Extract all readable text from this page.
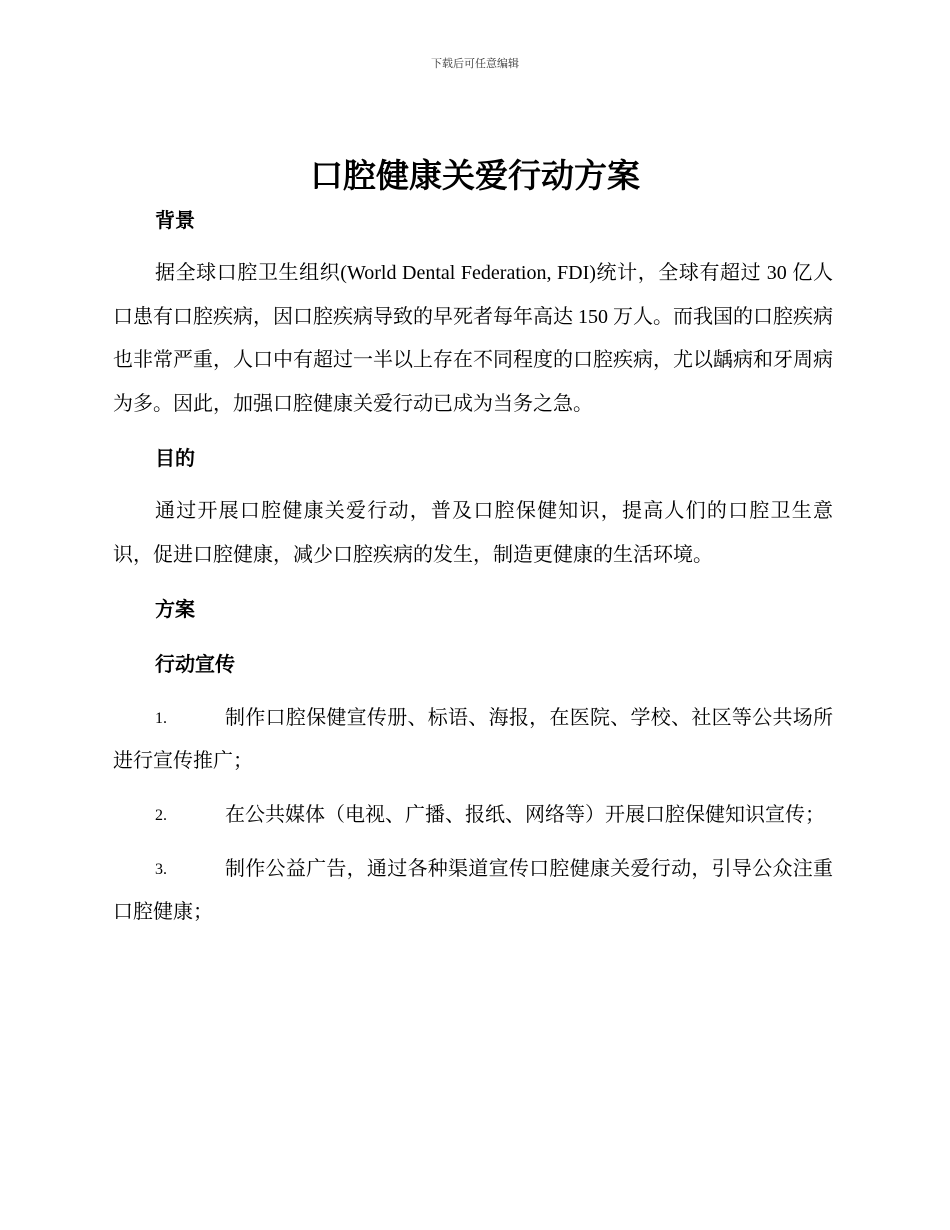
下载后可任意编辑
口腔健康关爱行动方案

背景

据全球口腔卫生组织(World Dental Federation, FDI)统计，全球有超过 30 亿人口患有口腔疾病，因口腔疾病导致的早死者每年高达 150 万人。而我国的口腔疾病也非常严重，人口中有超过一半以上存在不同程度的口腔疾病，尤以龋病和牙周病为多。因此，加强口腔健康关爱行动已成为当务之急。

目的

通过开展口腔健康关爱行动，普及口腔保健知识，提高人们的口腔卫生意识，促进口腔健康，减少口腔疾病的发生，制造更健康的生活环境。

方案

行动宣传

1.	制作口腔保健宣传册、标语、海报，在医院、学校、社区等公共场所进行宣传推广；
2.	在公共媒体（电视、广播、报纸、网络等）开展口腔保健知识宣传；
3.	制作公益广告，通过各种渠道宣传口腔健康关爱行动，引导公众注重口腔健康；
